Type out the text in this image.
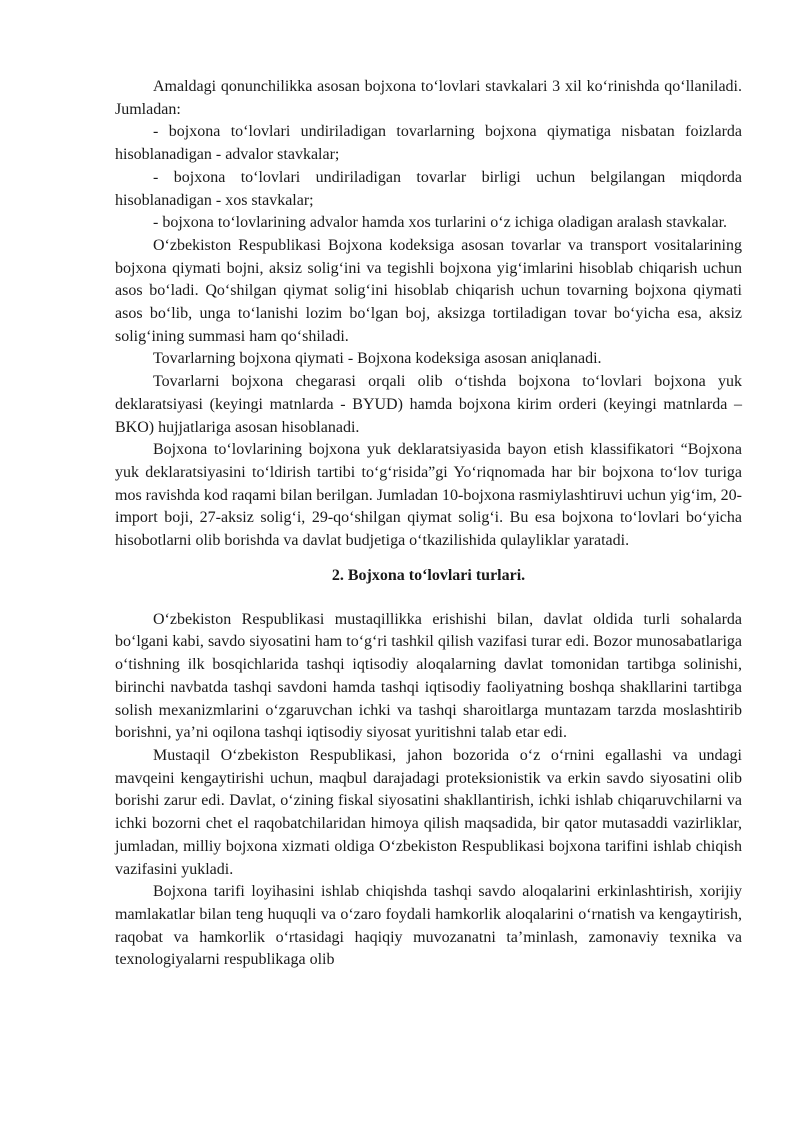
Amaldagi qonunchilikka asosan bojxona to‘lovlari stavkalari 3 xil ko‘rinishda qo‘llaniladi. Jumladan:

- bojxona to‘lovlari undiriladigan tovarlarning bojxona qiymatiga nisbatan foizlarda hisoblanadigan - advalor stavkalar;

- bojxona to‘lovlari undiriladigan tovarlar birligi uchun belgilangan miqdorda hisoblanadigan - xos stavkalar;

- bojxona to‘lovlarining advalor hamda xos turlarini o‘z ichiga oladigan aralash stavkalar.

O‘zbekiston Respublikasi Bojxona kodeksiga asosan tovarlar va transport vositalarining bojxona qiymati bojni, aksiz solig‘ini va tegishli bojxona yig‘imlarini hisoblab chiqarish uchun asos bo‘ladi. Qo‘shilgan qiymat solig‘ini hisoblab chiqarish uchun tovarning bojxona qiymati asos bo‘lib, unga to‘lanishi lozim bo‘lgan boj, aksizga tortiladigan tovar bo‘yicha esa, aksiz solig‘ining summasi ham qo‘shiladi.

Tovarlarning bojxona qiymati - Bojxona kodeksiga asosan aniqlanadi.

Tovarlarni bojxona chegarasi orqali olib o‘tishda bojxona to‘lovlari bojxona yuk deklaratsiyasi (keyingi matnlarda - BYUD) hamda bojxona kirim orderi (keyingi matnlarda – BKO) hujjatlariga asosan hisoblanadi.

Bojxona to‘lovlarining bojxona yuk deklaratsiyasida bayon etish klassifikatori “Bojxona yuk deklaratsiyasini to‘ldirish tartibi to‘g‘risida”gi Yo‘riqnomada har bir bojxona to‘lov turiga mos ravishda kod raqami bilan berilgan. Jumladan 10-bojxona rasmiylashtiruvi uchun yig‘im, 20-import boji, 27-aksiz solig‘i, 29-qo‘shilgan qiymat solig‘i. Bu esa bojxona to‘lovlari bo‘yicha hisobotlarni olib borishda va davlat budjetiga o‘tkazilishida qulayliklar yaratadi.

2. Bojxona to‘lovlari turlari.

O‘zbekiston Respublikasi mustaqillikka erishishi bilan, davlat oldida turli sohalarda bo‘lgani kabi, savdo siyosatini ham to‘g‘ri tashkil qilish vazifasi turar edi. Bozor munosabatlariga o‘tishning ilk bosqichlarida tashqi iqtisodiy aloqalarning davlat tomonidan tartibga solinishi, birinchi navbatda tashqi savdoni hamda tashqi iqtisodiy faoliyatning boshqa shakllarini tartibga solish mexanizmlarini o‘zgaruvchan ichki va tashqi sharoitlarga muntazam tarzda moslashtirib borishni, ya’ni oqilona tashqi iqtisodiy siyosat yuritishni talab etar edi.

Mustaqil O‘zbekiston Respublikasi, jahon bozorida o‘z o‘rnini egallashi va undagi mavqeini kengaytirishi uchun, maqbul darajadagi proteksionistik va erkin savdo siyosatini olib borishi zarur edi. Davlat, o‘zining fiskal siyosatini shakllantirish, ichki ishlab chiqaruvchilarni va ichki bozorni chet el raqobatchilaridan himoya qilish maqsadida, bir qator mutasaddi vazirliklar, jumladan, milliy bojxona xizmati oldiga O‘zbekiston Respublikasi bojxona tarifini ishlab chiqish vazifasini yukladi.

Bojxona tarifi loyihasini ishlab chiqishda tashqi savdo aloqalarini erkinlashtirish, xorijiy mamlakatlar bilan teng huquqli va o‘zaro foydali hamkorlik aloqalarini o‘rnatish va kengaytirish, raqobat va hamkorlik o‘rtasidagi haqiqiy muvozanatni ta’minlash, zamonaviy texnika va texnologiyalarni respublikaga olib
